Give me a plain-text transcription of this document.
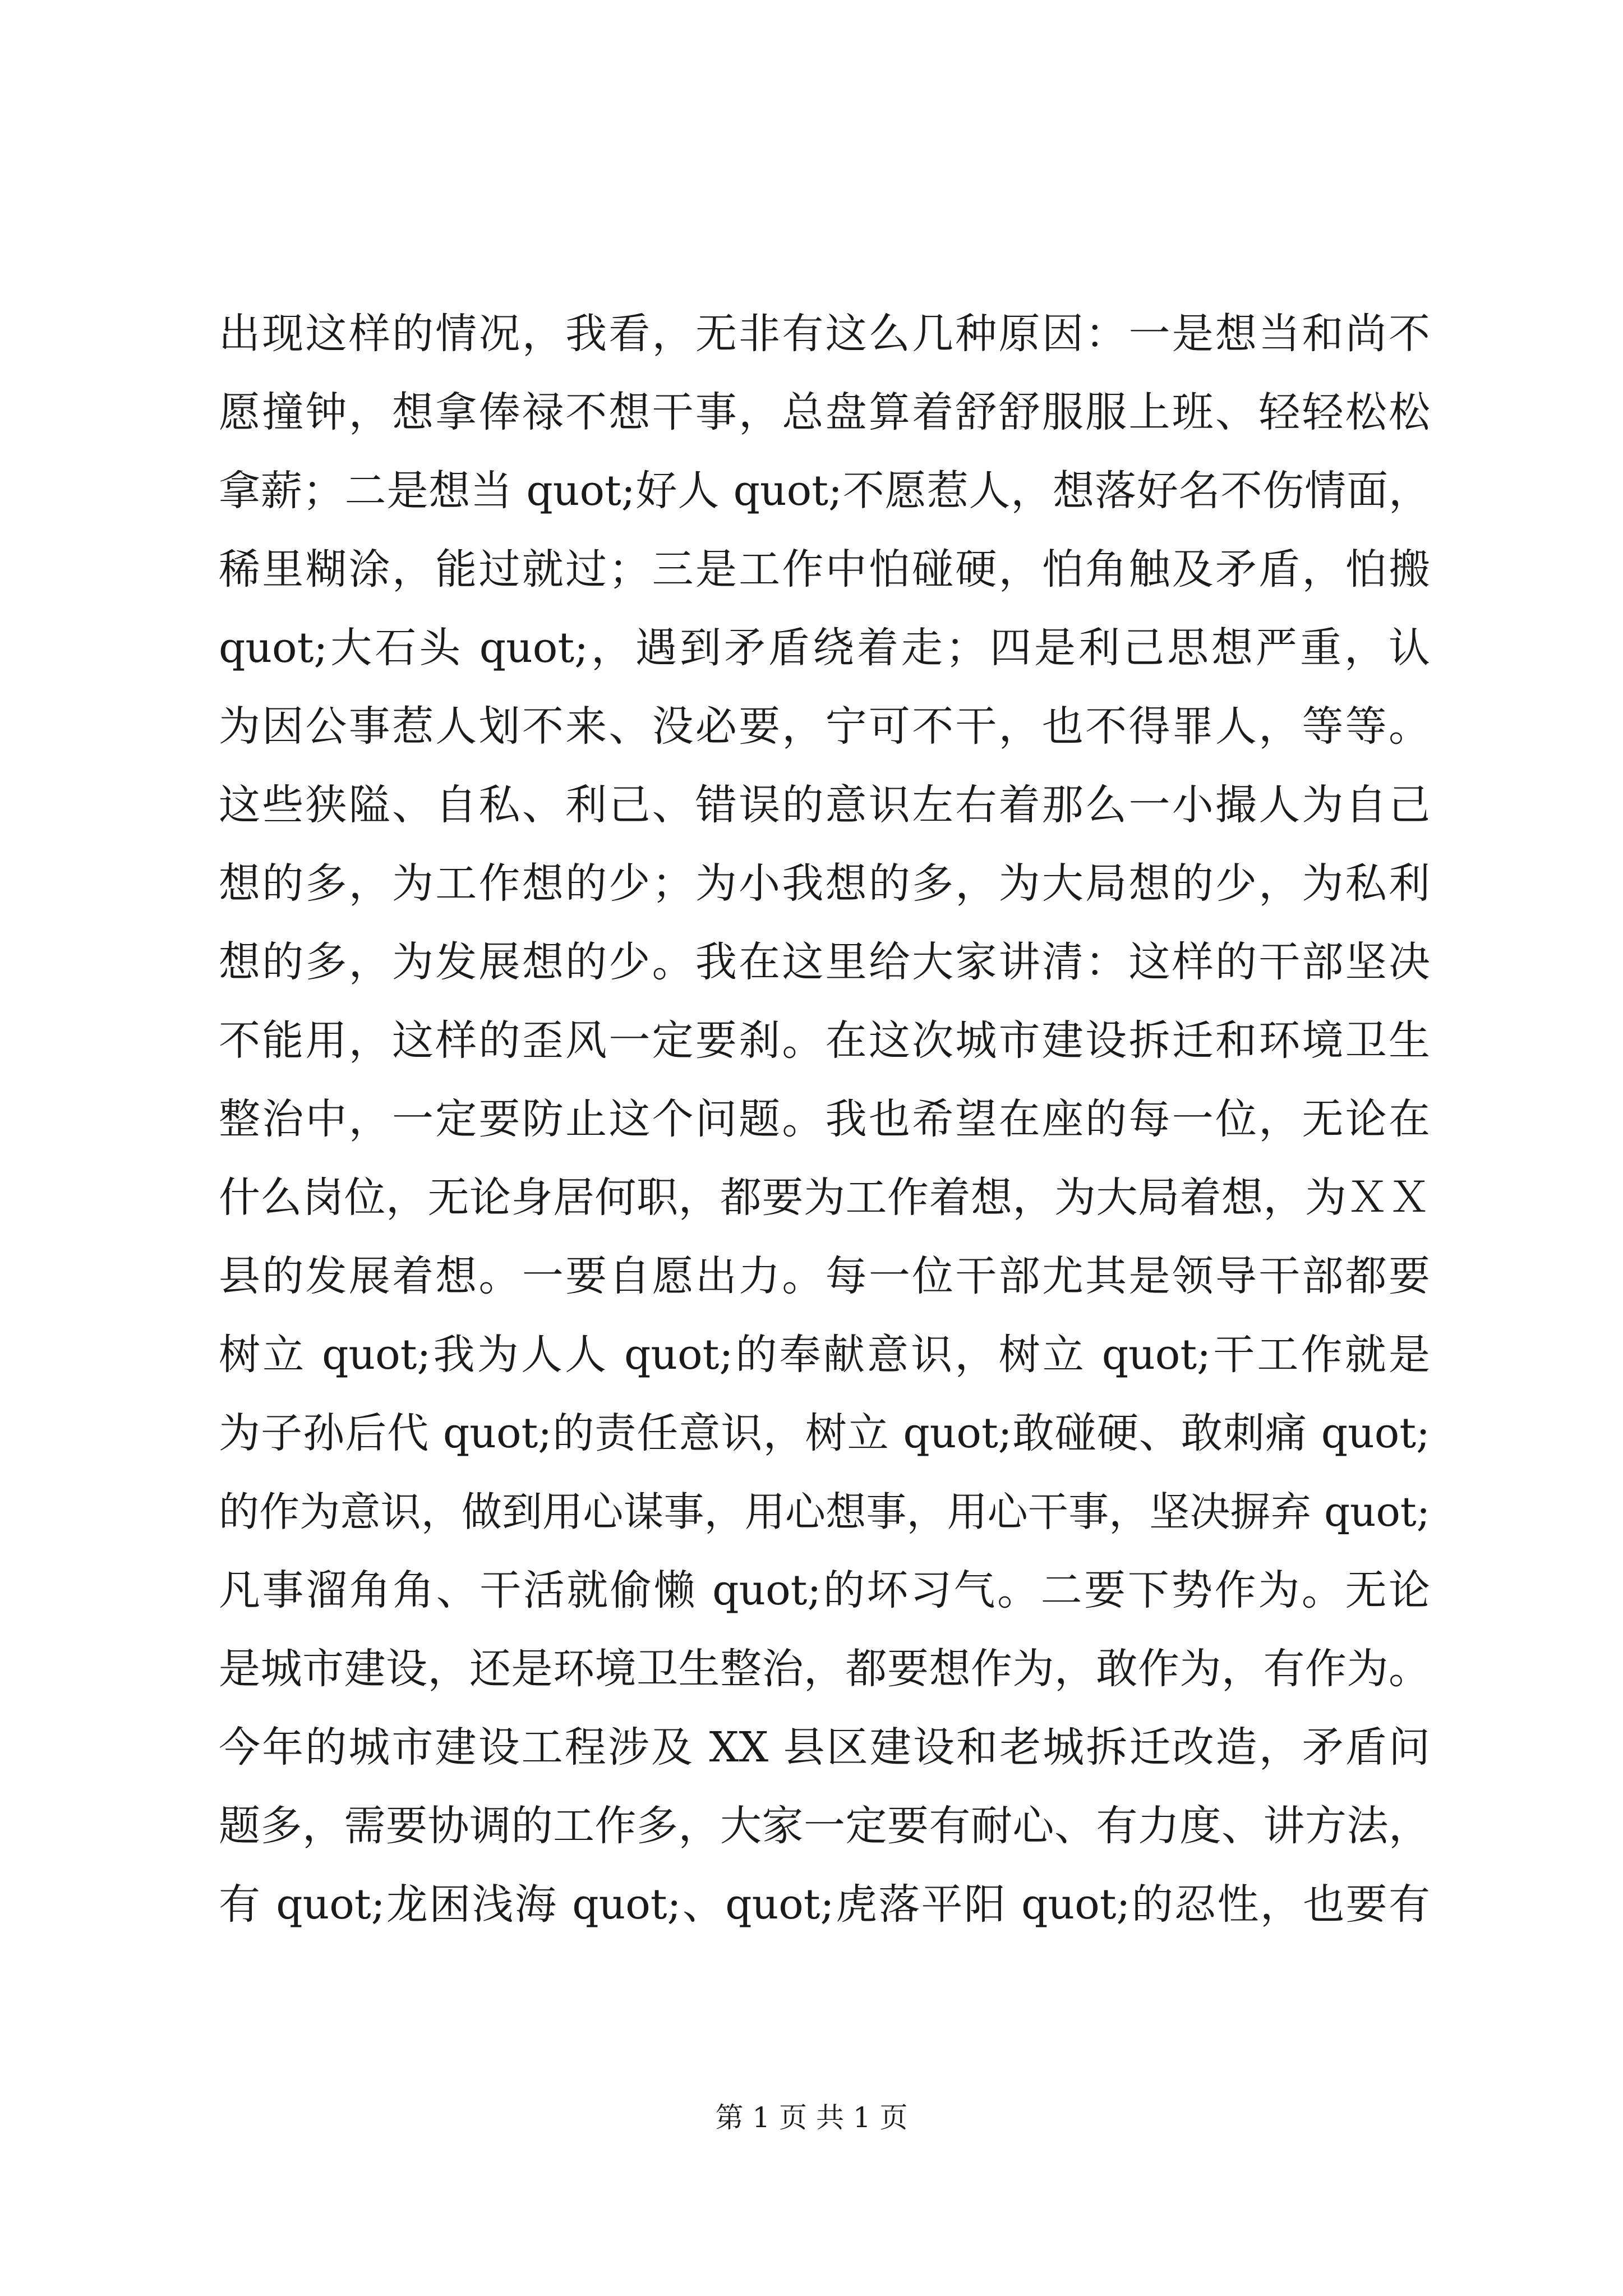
出现这样的情况，我看，无非有这么几种原因：一是想当和尚不
愿撞钟，想拿俸禄不想干事，总盘算着舒舒服服上班、轻轻松松
拿薪；二是想当 quot;好人 quot;不愿惹人，想落好名不伤情面，
稀里糊涂，能过就过；三是工作中怕碰硬，怕角触及矛盾，怕搬
quot;大石头 quot;，遇到矛盾绕着走；四是利己思想严重，认
为因公事惹人划不来、没必要，宁可不干，也不得罪人，等等。
这些狭隘、自私、利己、错误的意识左右着那么一小撮人为自己
想的多，为工作想的少；为小我想的多，为大局想的少，为私利
想的多，为发展想的少。我在这里给大家讲清：这样的干部坚决
不能用，这样的歪风一定要刹。在这次城市建设拆迁和环境卫生
整治中，一定要防止这个问题。我也希望在座的每一位，无论在
什么岗位，无论身居何职，都要为工作着想，为大局着想，为ＸＸ
县的发展着想。一要自愿出力。每一位干部尤其是领导干部都要
树立 quot;我为人人 quot;的奉献意识，树立 quot;干工作就是
为子孙后代 quot;的责任意识，树立 quot;敢碰硬、敢刺痛 quot;
的作为意识，做到用心谋事，用心想事，用心干事，坚决摒弃 quot;
凡事溜角角、干活就偷懒 quot;的坏习气。二要下势作为。无论
是城市建设，还是环境卫生整治，都要想作为，敢作为，有作为。
今年的城市建设工程涉及 XX 县区建设和老城拆迁改造，矛盾问
题多，需要协调的工作多，大家一定要有耐心、有力度、讲方法，
有 quot;龙困浅海 quot;、quot;虎落平阳 quot;的忍性，也要有
第 1 页 共 1 页
